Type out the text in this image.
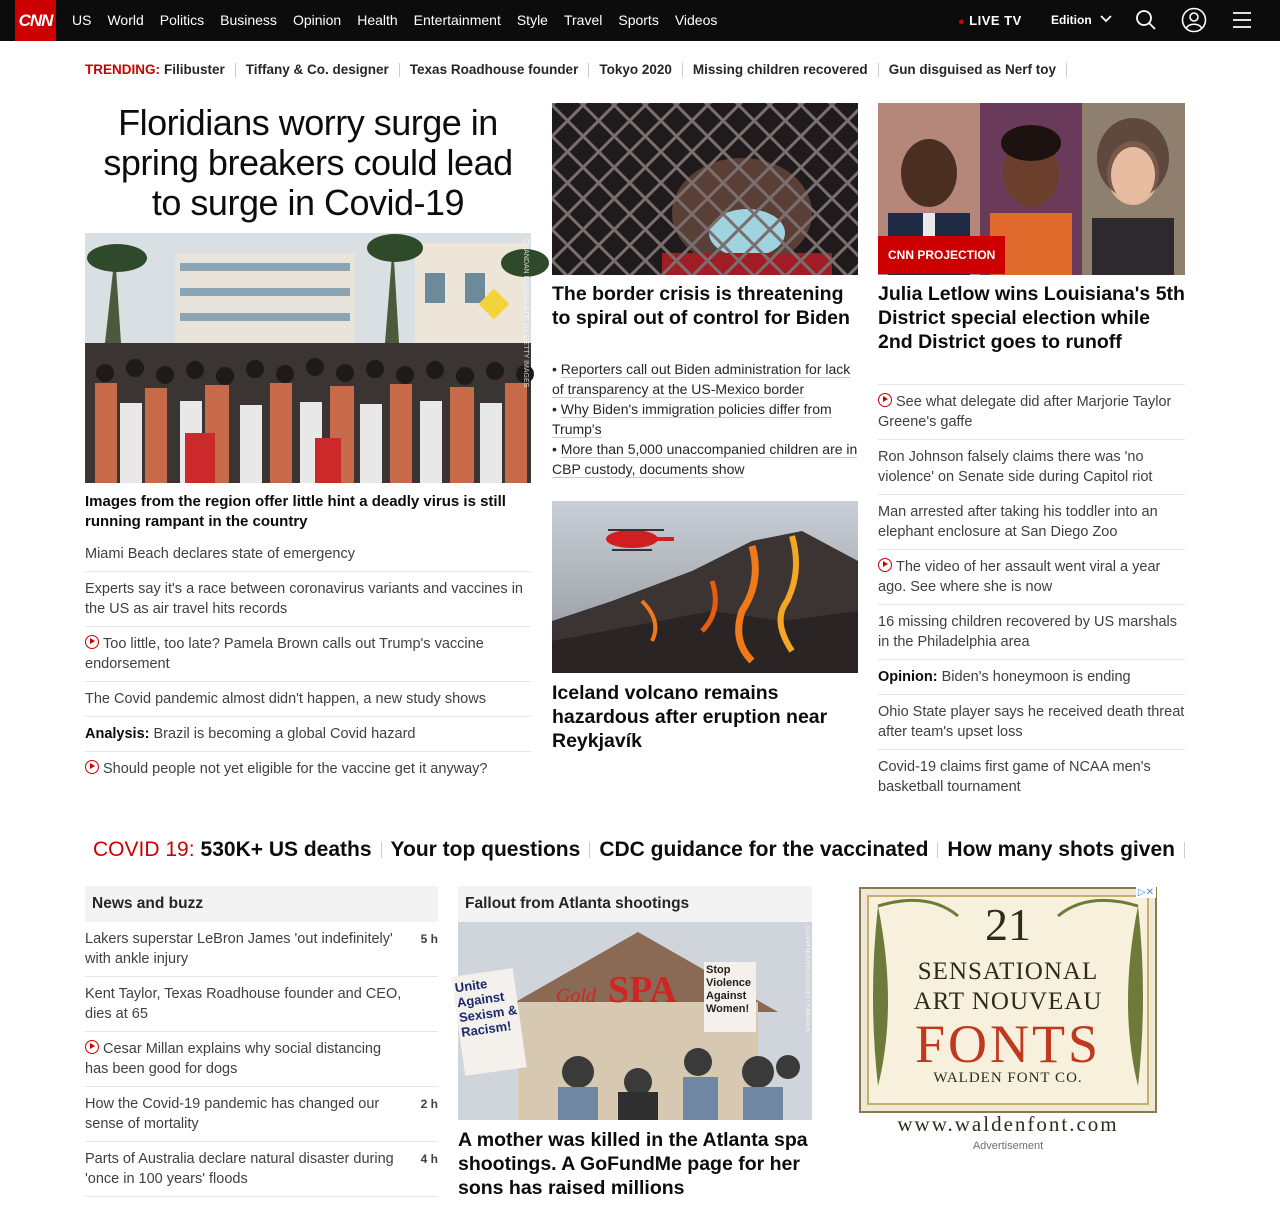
CNN US World Politics Business Opinion Health Entertainment Style Travel Sports Videos	● LIVE TV Edition
TRENDING: Filibuster Tiffany & Co. designer Texas Roadhouse founder Tokyo 2020 Missing children recovered Gun disguised as Nerf toy
Floridians worry surge in spring breakers could lead to surge in Covid-19
CHANDAN KHANNA/AFP VIA GETTY IMAGES
Images from the region offer little hint a deadly virus is still running rampant in the country
Miami Beach declares state of emergency
Experts say it's a race between coronavirus variants and vaccines in the US as air travel hits records
Too little, too late? Pamela Brown calls out Trump's vaccine endorsement
The Covid pandemic almost didn't happen, a new study shows
Analysis: Brazil is becoming a global Covid hazard
Should people not yet eligible for the vaccine get it anyway?
The border crisis is threatening to spiral out of control for Biden
• Reporters call out Biden administration for lack of transparency at the US-Mexico border
• Why Biden's immigration policies differ from Trump's
• More than 5,000 unaccompanied children are in CBP custody, documents show
Iceland volcano remains hazardous after eruption near Reykjavík
CNN PROJECTION
Julia Letlow wins Louisiana's 5th District special election while 2nd District goes to runoff
See what delegate did after Marjorie Taylor Greene's gaffe
Ron Johnson falsely claims there was 'no violence' on Senate side during Capitol riot
Man arrested after taking his toddler into an elephant enclosure at San Diego Zoo
The video of her assault went viral a year ago. See where she is now
16 missing children recovered by US marshals in the Philadelphia area
Opinion: Biden's honeymoon is ending
Ohio State player says he received death threat after team's upset loss
Covid-19 claims first game of NCAA men's basketball tournament
COVID 19: 530K+ US deaths Your top questions CDC guidance for the vaccinated How many shots given
News and buzz
Lakers superstar LeBron James 'out indefinitely' with ankle injury
5 h
Kent Taylor, Texas Roadhouse founder and CEO, dies at 65
Cesar Millan explains why social distancing has been good for dogs
How the Covid-19 pandemic has changed our sense of mortality
2 h
Parts of Australia declare natural disaster during 'once in 100 years' floods
4 h
Fallout from Atlanta shootings
SPA
Gold
Unite Against Sexism & Racism!
Stop Violence Against Women!	ELIJAH NOUVELAGE/GETTY IMAGES
A mother was killed in the Atlanta spa shootings. A GoFundMe page for her sons has raised millions
21
SENSATIONAL
ART NOUVEAU
FONTS
WALDEN FONT CO.
www.waldenfont.com
▷✕
Advertisement
